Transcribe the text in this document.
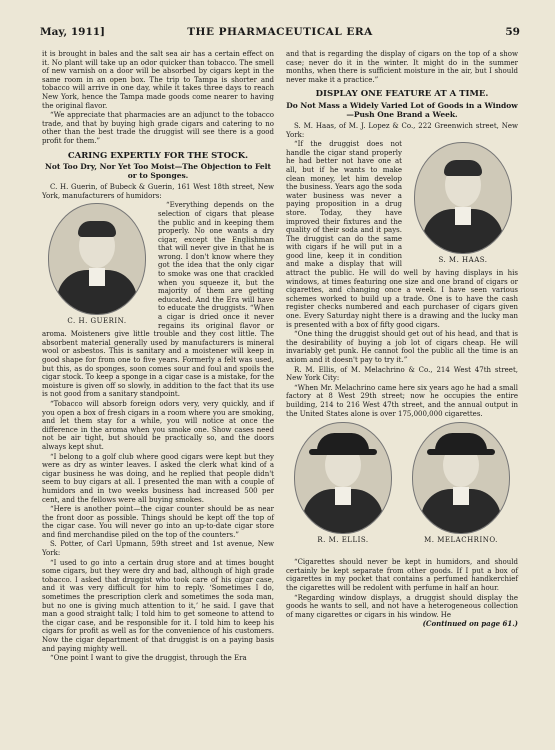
May, 1911]	THE PHARMACEUTICAL ERA	59

it is brought in bales and the salt sea air has a certain effect on it. No plant will take up an odor quicker than tobacco. The smell of new varnish on a door will be absorbed by cigars kept in the same room in an open box. The trip to Tampa is shorter and tobacco will arrive in one day, while it takes three days to reach New York, hence the Tampa made goods come nearer to having the original flavor.

“We appreciate that pharmacies are an adjunct to the tobacco trade, and that by buying high grade cigars and catering to no other than the best trade the druggist will see there is a good profit for them.”

CARING EXPERTLY FOR THE STOCK.
Not Too Dry, Nor Yet Too Moist—The Objection to Felt or to Sponges.

C. H. Guerin, of Bubeck & Guerin, 161 West 18th street, New York, manufacturers of humidors:

C. H. GUERIN.

“Everything depends on the selection of cigars that please the public and in keeping them properly. No one wants a dry cigar, except the Englishman that will never give in that he is wrong. I don't know where they got the idea that the only cigar to smoke was one that crackled when you squeeze it, but the majority of them are getting educated. And the Era will have to educate the druggists. “When a cigar is dried once it never regains its original flavor or aroma. Moisteners give little trouble and they cost little. The absorbent material generally used by manufacturers is mineral wool or asbestos. This is sanitary and a moistener will keep in good shape for from one to five years. Formerly a felt was used, but this, as do sponges, soon comes sour and foul and spoils the cigar stock. To keep a sponge in a cigar case is a mistake, for the moisture is given off so slowly, in addition to the fact that its use is not good from a sanitary standpoint.

“Tobacco will absorb foreign odors very, very quickly, and if you open a box of fresh cigars in a room where you are smoking, and let them stay for a while, you will notice at once the difference in the aroma when you smoke one. Show cases need not be air tight, but should be practically so, and the doors always kept shut.

“I belong to a golf club where good cigars were kept but they were as dry as winter leaves. I asked the clerk what kind of a cigar business he was doing, and he replied that people didn't seem to buy cigars at all. I presented the man with a couple of humidors and in two weeks business had increased 500 per cent, and the fellows were all buying smokes.

“Here is another point—the cigar counter should be as near the front door as possible. Things should be kept off the top of the cigar case. You will never go into an up-to-date cigar store and find merchandise piled on the top of the counters.”

S. Potter, of Carl Upmann, 59th street and 1st avenue, New York:

“I used to go into a certain drug store and at times bought some cigars, but they were dry and bad, although of high grade tobacco. I asked that druggist who took care of his cigar case, and it was very difficult for him to reply. ‘Sometimes I do, sometimes the prescription clerk and sometimes the soda man, but no one is giving much attention to it,’ he said. I gave that man a good straight talk; I told him to get someone to attend to the cigar case, and be responsible for it. I told him to keep his cigars for profit as well as for the convenience of his customers. Now the cigar department of that druggist is on a paying basis and paying mighty well.

“One point I want to give the druggist, through the Era

and that is regarding the display of cigars on the top of a show case; never do it in the winter. It might do in the summer months, when there is sufficient moisture in the air, but I should never make it a practice.”

DISPLAY ONE FEATURE AT A TIME.
Do Not Mass a Widely Varied Lot of Goods in a Window—Push One Brand a Week.

S. M. Haas, of M. J. Lopez & Co., 222 Greenwich street, New York:

S. M. HAAS.

“If the druggist does not handle the cigar stand properly he had better not have one at all, but if he wants to make clean money, let him develop the business. Years ago the soda water business was never a paying proposition in a drug store. Today, they have improved their fixtures and the quality of their soda and it pays. The druggist can do the same with cigars if he will put in a good line, keep it in condition and make a display that will attract the public. He will do well by having displays in his windows, at times featuring one size and one brand of cigars or cigarettes, and changing once a week. I have seen various schemes worked to build up a trade. One is to have the cash register checks numbered and each purchaser of cigars given one. Every Saturday night there is a drawing and the lucky man is presented with a box of fifty good cigars.

“One thing the druggist should get out of his head, and that is the desirability of buying a job lot of cigars cheap. He will invariably get punk. He cannot fool the public all the time is an axiom and it doesn't pay to try it.”

R. M. Ellis, of M. Melachrino & Co., 214 West 47th street, New York City:

“When Mr. Melachrino came here six years ago he had a small factory at 8 West 29th street; now he occupies the entire building, 214 to 216 West 47th street, and the annual output in the United States alone is over 175,000,000 cigarettes.

R. M. ELLIS.	M. MELACHRINO.

“Cigarettes should never be kept in humidors, and should certainly be kept separate from other goods. If I put a box of cigarettes in my pocket that contains a perfumed handkerchief the cigarettes will be redolent with perfume in half an hour.

“Regarding window displays, a druggist should display the goods he wants to sell, and not have a heterogeneous collection of many cigarettes or cigars in his window. He

(Continued on page 61.)
